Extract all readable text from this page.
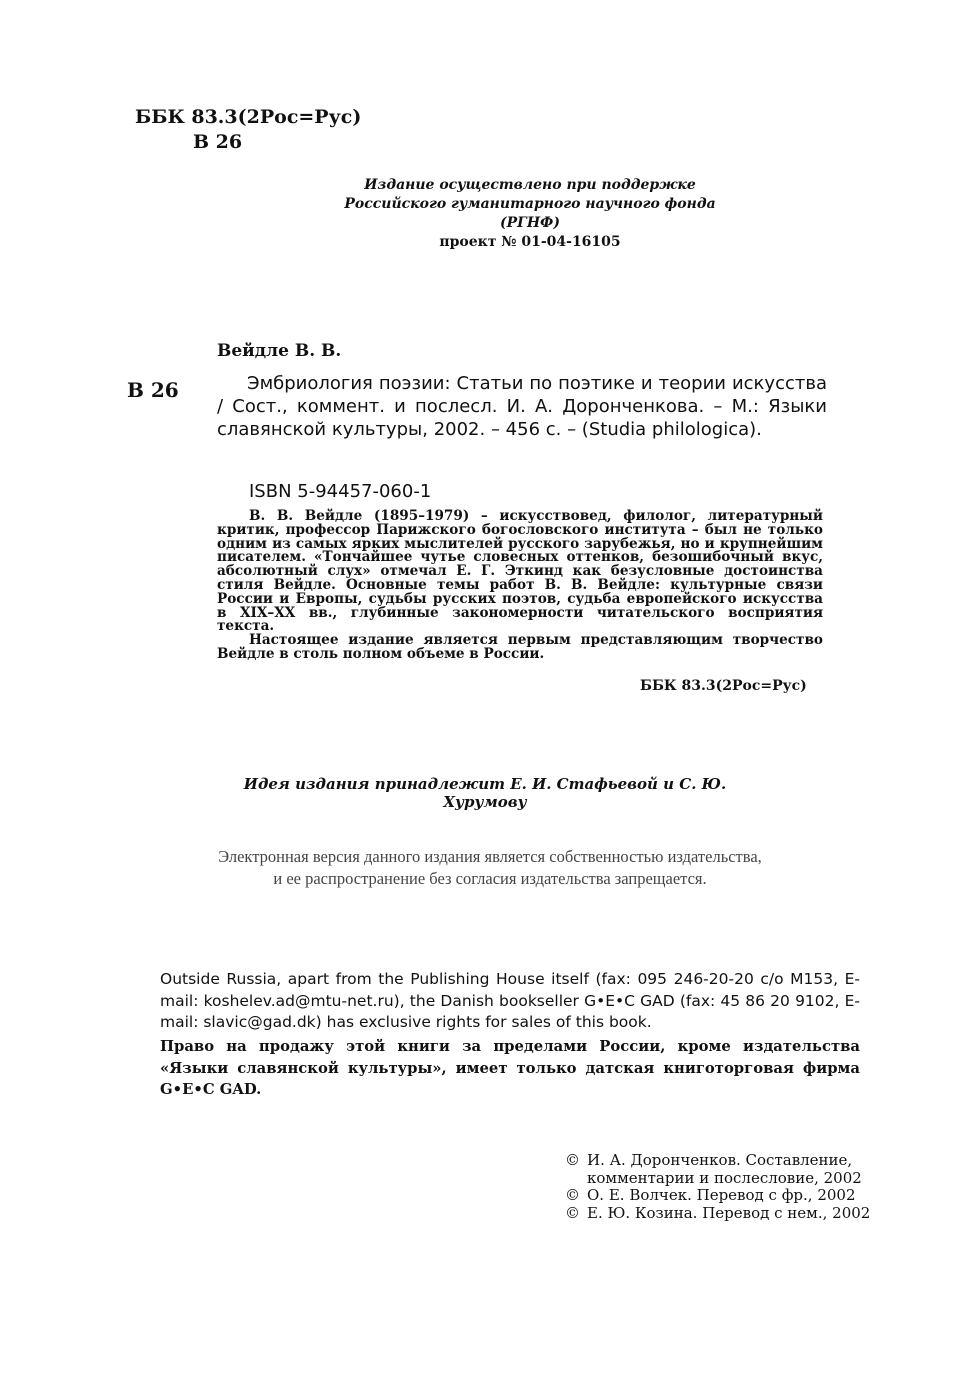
ББК 83.3(2Рос=Рус)
В 26
Издание осуществлено при поддержке
Российского гуманитарного научного фонда
(РГНФ)
проект № 01-04-16105
Вейдле В. В.
В 26	Эмбриология поэзии: Статьи по поэтике и теории искусства / Сост., коммент. и послесл. И. А. Доронченкова. – М.: Языки славянской культуры, 2002. – 456 с. – (Studia philologica).
ISBN 5-94457-060-1

В. В. Вейдле (1895–1979) – искусствовед, филолог, литературный критик, профессор Парижского богословского института – был не только одним из самых ярких мыслителей русского зарубежья, но и крупнейшим писателем. «Тончайшее чутье словесных оттенков, безошибочный вкус, абсолютный слух» отмечал Е. Г. Эткинд как безусловные достоинства стиля Вейдле. Основные темы работ В. В. Вейдле: культурные связи России и Европы, судьбы русских поэтов, судьба европейского искусства в XIX–XX вв., глубинные закономерности читательского восприятия текста.

Настоящее издание является первым представляющим творчество Вейдле в столь полном объеме в России.

ББК 83.3(2Рос=Рус)
Идея издания принадлежит Е. И. Стафьевой и С. Ю. Хурумову
Электронная версия данного издания является собственностью издательства,
и ее распространение без согласия издательства запрещается.
Outside Russia, apart from the Publishing House itself (fax: 095 246-20-20 c/o M153, E-mail: koshelev.ad@mtu-net.ru), the Danish bookseller G•E•C GAD (fax: 45 86 20 9102, E-mail: slavic@gad.dk) has exclusive rights for sales of this book.
Право на продажу этой книги за пределами России, кроме издательства «Языки славянской культуры», имеет только датская книготорговая фирма G•E•C GAD.
© И. А. Доронченков. Составление, комментарии и послесловие, 2002
© О. Е. Волчек. Перевод с фр., 2002
© Е. Ю. Козина. Перевод с нем., 2002
